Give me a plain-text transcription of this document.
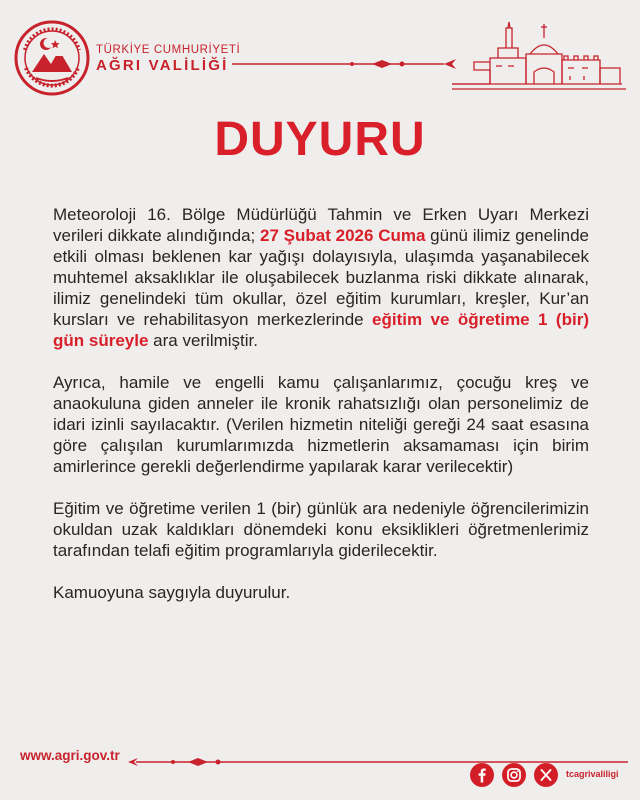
TÜRKİYE CUMHURİYETİ
AĞRI VALİLİĞİ
DUYURU

Meteoroloji 16. Bölge Müdürlüğü Tahmin ve Erken Uyarı Merkezi verileri dikkate alındığında; 27 Şubat 2026 Cuma günü ilimiz genelinde etkili olması beklenen kar yağışı dolayısıyla, ulaşımda yaşanabilecek muhtemel aksaklıklar ile oluşabilecek buzlanma riski dikkate alınarak, ilimiz genelindeki tüm okullar, özel eğitim kurumları, kreşler, Kur’an kursları ve rehabilitasyon merkezlerinde eğitim ve öğretime 1 (bir) gün süreyle ara verilmiştir.

Ayrıca, hamile ve engelli kamu çalışanlarımız, çocuğu kreş ve anaokuluna giden anneler ile kronik rahatsızlığı olan personelimiz de idari izinli sayılacaktır. (Verilen hizmetin niteliği gereği 24 saat esasına göre çalışılan kurumlarımızda hizmetlerin aksamaması için birim amirlerince gerekli değerlendirme yapılarak karar verilecektir)

Eğitim ve öğretime verilen 1 (bir) günlük ara nedeniyle öğrencilerimizin okuldan uzak kaldıkları dönemdeki konu eksiklikleri öğretmenlerimiz tarafından telafi eğitim programlarıyla giderilecektir.

Kamuoyuna saygıyla duyurulur.

www.agri.gov.tr
tcagrivaliligi
